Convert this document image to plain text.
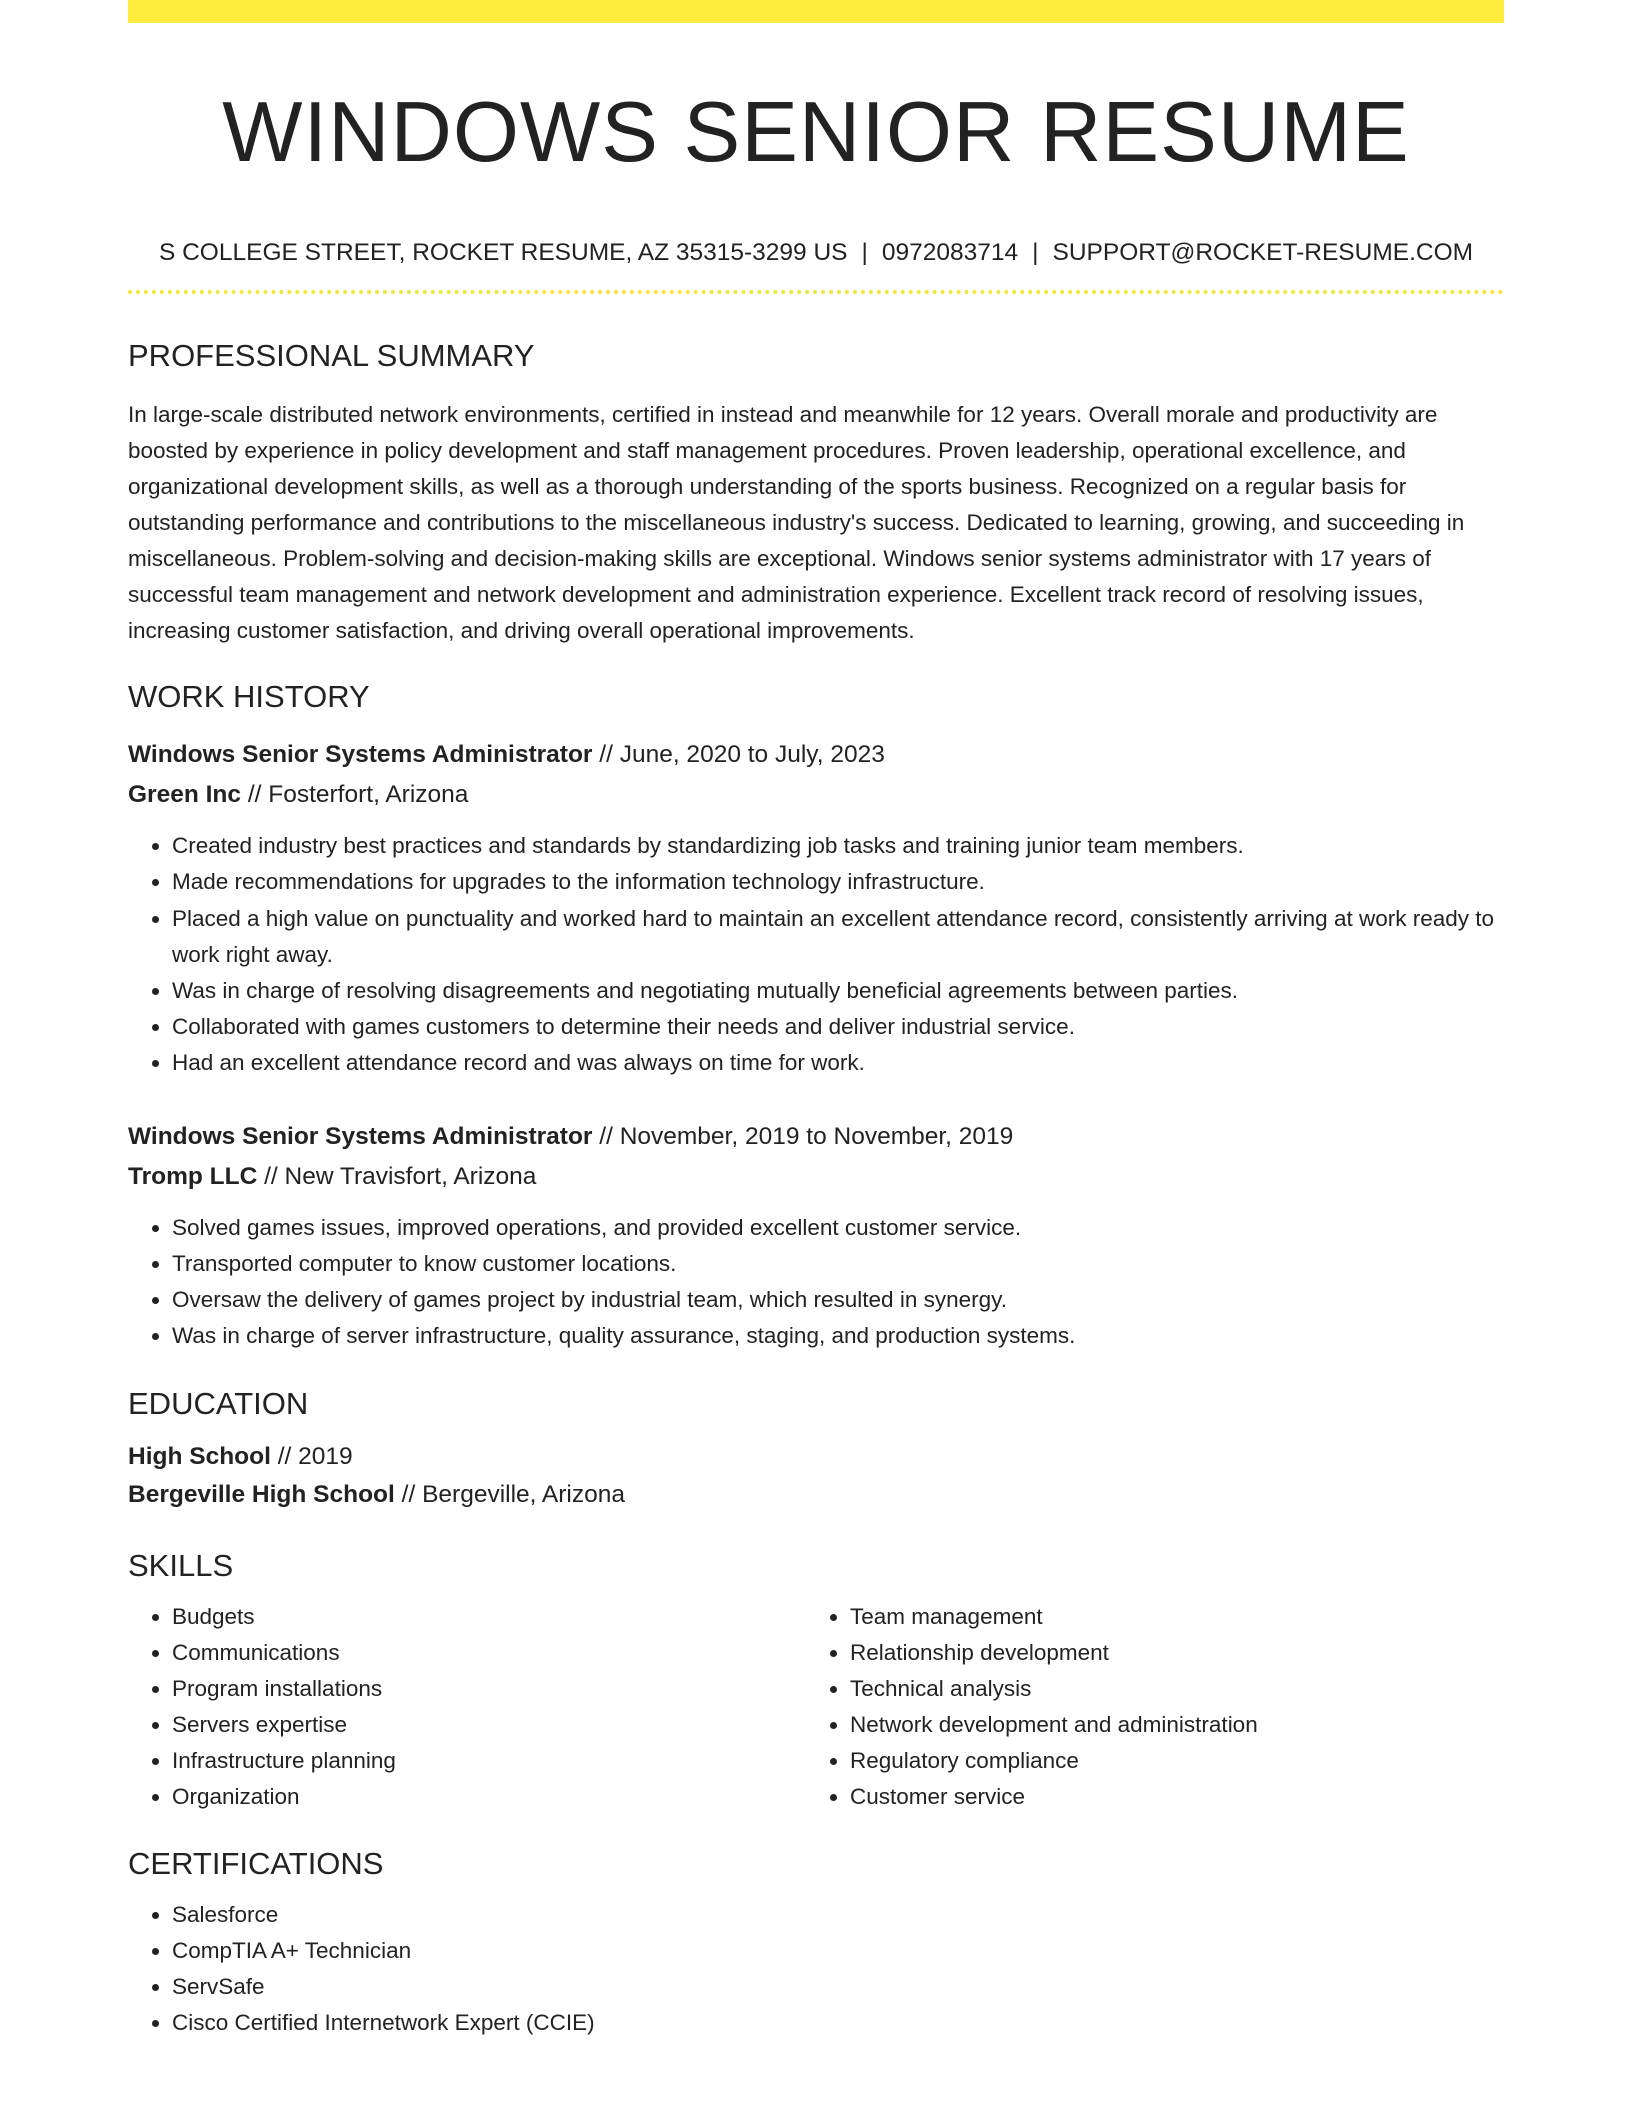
WINDOWS SENIOR RESUME
S COLLEGE STREET, ROCKET RESUME, AZ 35315-3299 US | 0972083714 | SUPPORT@ROCKET-RESUME.COM
PROFESSIONAL SUMMARY
In large-scale distributed network environments, certified in instead and meanwhile for 12 years. Overall morale and productivity are boosted by experience in policy development and staff management procedures. Proven leadership, operational excellence, and organizational development skills, as well as a thorough understanding of the sports business. Recognized on a regular basis for outstanding performance and contributions to the miscellaneous industry's success. Dedicated to learning, growing, and succeeding in miscellaneous. Problem-solving and decision-making skills are exceptional. Windows senior systems administrator with 17 years of successful team management and network development and administration experience. Excellent track record of resolving issues, increasing customer satisfaction, and driving overall operational improvements.
WORK HISTORY
Windows Senior Systems Administrator // June, 2020 to July, 2023
Green Inc // Fosterfort, Arizona
• Created industry best practices and standards by standardizing job tasks and training junior team members.
• Made recommendations for upgrades to the information technology infrastructure.
• Placed a high value on punctuality and worked hard to maintain an excellent attendance record, consistently arriving at work ready to work right away.
• Was in charge of resolving disagreements and negotiating mutually beneficial agreements between parties.
• Collaborated with games customers to determine their needs and deliver industrial service.
• Had an excellent attendance record and was always on time for work.
Windows Senior Systems Administrator // November, 2019 to November, 2019
Tromp LLC // New Travisfort, Arizona
• Solved games issues, improved operations, and provided excellent customer service.
• Transported computer to know customer locations.
• Oversaw the delivery of games project by industrial team, which resulted in synergy.
• Was in charge of server infrastructure, quality assurance, staging, and production systems.
EDUCATION
High School // 2019
Bergeville High School // Bergeville, Arizona
SKILLS
• Budgets
• Communications
• Program installations
• Servers expertise
• Infrastructure planning
• Organization
• Team management
• Relationship development
• Technical analysis
• Network development and administration
• Regulatory compliance
• Customer service
CERTIFICATIONS
• Salesforce
• CompTIA A+ Technician
• ServSafe
• Cisco Certified Internetwork Expert (CCIE)
